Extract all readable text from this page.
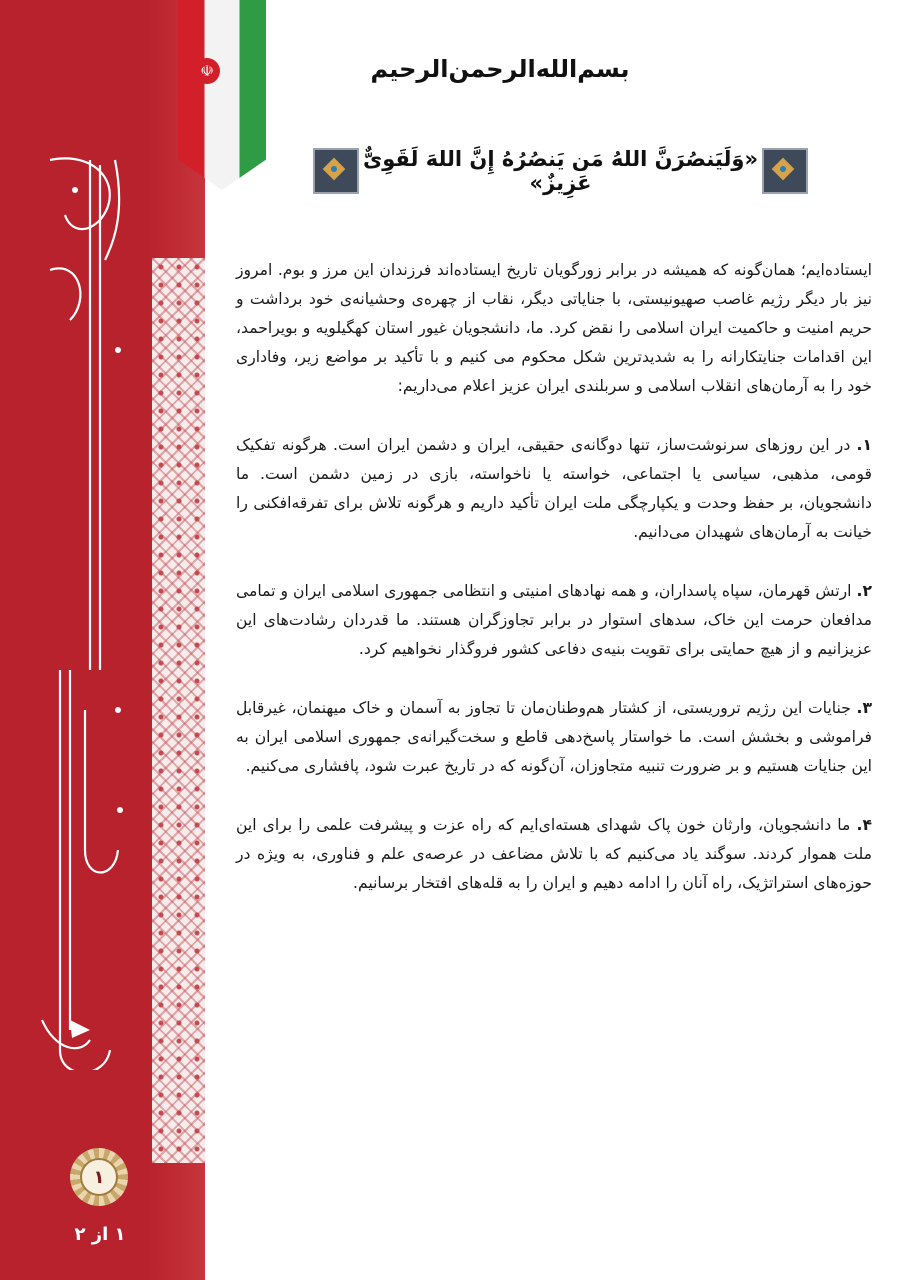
۱
۱ از ۲
☫	بسم‌الله‌الرحمن‌الرحیم
«وَلَیَنصُرَنَّ اللهُ مَن یَنصُرُهُ إِنَّ اللهَ لَقَوِیٌّ عَزِیزٌ»

ایستاده‌ایم؛ همان‌گونه که همیشه در برابر زورگویان تاریخ ایستاده‌اند فرزندان این مرز و بوم. امروز نیز بار دیگر رژیم غاصب صهیونیستی، با جنایاتی دیگر، نقاب از چهره‌ی وحشیانه‌ی خود برداشت و حریم امنیت و حاکمیت ایران اسلامی را نقض کرد. ما، دانشجویان غیور استان کهگیلویه و بویراحمد، این اقدامات جنایتکارانه را به شدیدترین شکل محکوم می کنیم و با تأکید بر مواضع زیر، وفاداری خود را به آرمان‌های انقلاب اسلامی و سربلندی ایران عزیز اعلام می‌داریم:

۱. در این روزهای سرنوشت‌ساز، تنها دوگانه‌ی حقیقی، ایران و دشمن ایران است. هرگونه تفکیک قومی، مذهبی، سیاسی یا اجتماعی، خواسته یا ناخواسته، بازی در زمین دشمن است. ما دانشجویان، بر حفظ وحدت و یکپارچگی ملت ایران تأکید داریم و هرگونه تلاش برای تفرقه‌افکنی را خیانت به آرمان‌های شهیدان می‌دانیم.

۲. ارتش قهرمان، سپاه پاسداران، و همه نهادهای امنیتی و انتظامی جمهوری اسلامی ایران و تمامی مدافعان حرمت این خاک، سدهای استوار در برابر تجاوزگران هستند. ما قدردان رشادت‌های این عزیزانیم و از هیچ حمایتی برای تقویت بنیه‌ی دفاعی کشور فروگذار نخواهیم کرد.

۳. جنایات این رژیم تروریستی، از کشتار هم‌وطنان‌مان تا تجاوز به آسمان و خاک میهنمان، غیرقابل فراموشی و بخشش است. ما خواستار پاسخ‌دهی قاطع و سخت‌گیرانه‌ی جمهوری اسلامی ایران به این جنایات هستیم و بر ضرورت تنبیه متجاوزان، آن‌گونه که در تاریخ عبرت شود، پافشاری می‌کنیم.

۴. ما دانشجویان، وارثان خون پاک شهدای هسته‌ای‌ایم که راه عزت و پیشرفت علمی را برای این ملت هموار کردند. سوگند یاد می‌کنیم که با تلاش مضاعف در عرصه‌ی علم و فناوری، به ویژه در حوزه‌های استراتژیک، راه آنان را ادامه دهیم و ایران را به قله‌های افتخار برسانیم.
